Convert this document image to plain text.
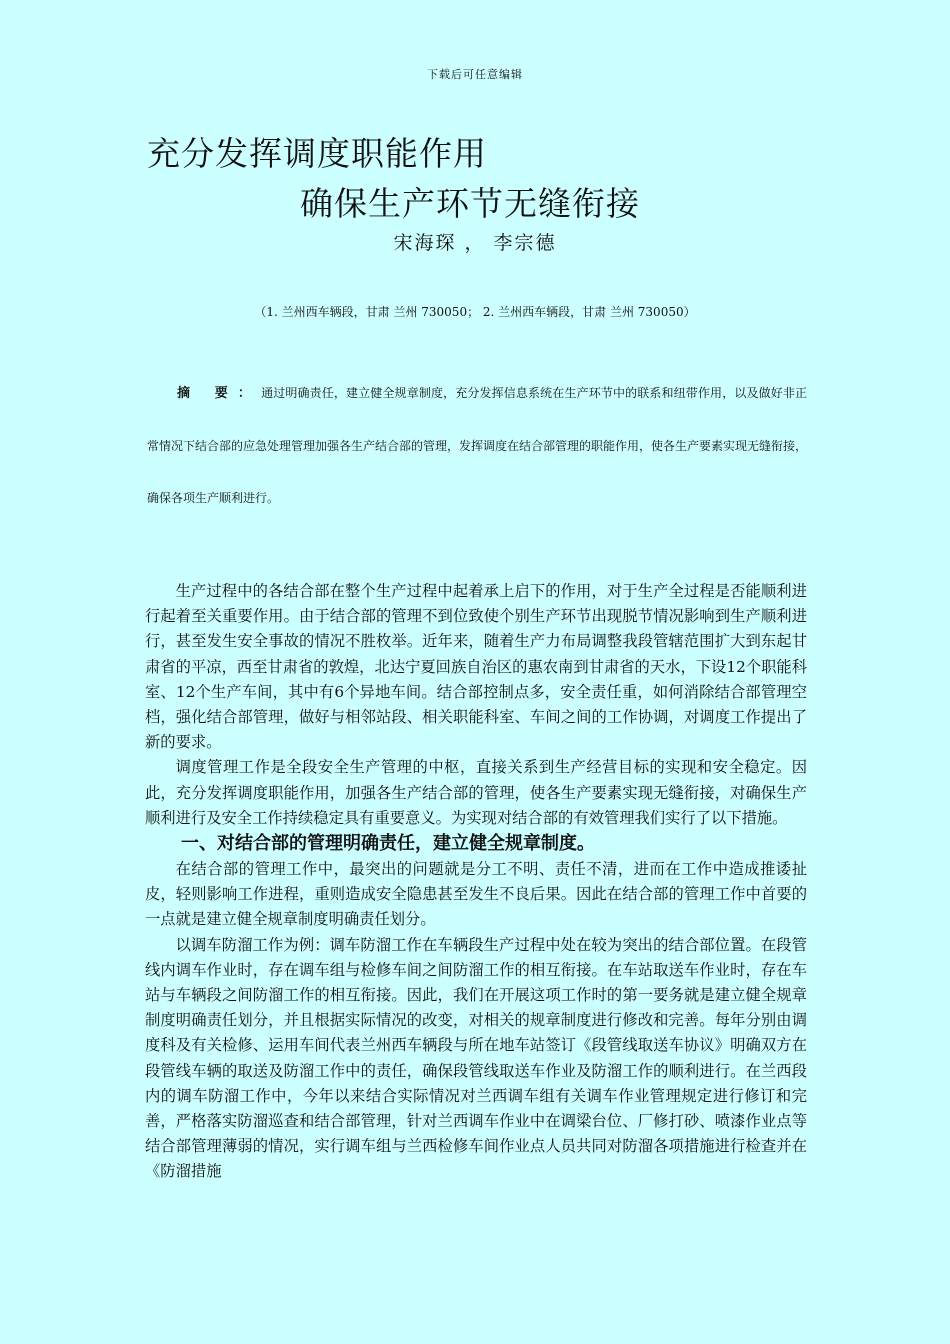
下载后可任意编辑
充分发挥调度职能作用
确保生产环节无缝衔接
宋海琛 ， 李宗德
（1. 兰州西车辆段，甘肃 兰州 730050； 2. 兰州西车辆段，甘肃 兰州 730050）
摘 要：通过明确责任，建立健全规章制度，充分发挥信息系统在生产环节中的联系和纽带作用，以及做好非正常情况下结合部的应急处理管理加强各生产结合部的管理，发挥调度在结合部管理的职能作用，使各生产要素实现无缝衔接，确保各项生产顺利进行。

生产过程中的各结合部在整个生产过程中起着承上启下的作用，对于生产全过程是否能顺利进行起着至关重要作用。由于结合部的管理不到位致使个别生产环节出现脱节情况影响到生产顺利进行，甚至发生安全事故的情况不胜枚举。近年来，随着生产力布局调整我段管辖范围扩大到东起甘肃省的平凉，西至甘肃省的敦煌，北达宁夏回族自治区的惠农南到甘肃省的天水，下设12个职能科室、12个生产车间，其中有6个异地车间。结合部控制点多，安全责任重，如何消除结合部管理空档，强化结合部管理，做好与相邻站段、相关职能科室、车间之间的工作协调，对调度工作提出了新的要求。

调度管理工作是全段安全生产管理的中枢，直接关系到生产经营目标的实现和安全稳定。因此，充分发挥调度职能作用，加强各生产结合部的管理，使各生产要素实现无缝衔接，对确保生产顺利进行及安全工作持续稳定具有重要意义。为实现对结合部的有效管理我们实行了以下措施。

一、对结合部的管理明确责任，建立健全规章制度。

在结合部的管理工作中，最突出的问题就是分工不明、责任不清，进而在工作中造成推诿扯皮，轻则影响工作进程，重则造成安全隐患甚至发生不良后果。因此在结合部的管理工作中首要的一点就是建立健全规章制度明确责任划分。

以调车防溜工作为例：调车防溜工作在车辆段生产过程中处在较为突出的结合部位置。在段管线内调车作业时，存在调车组与检修车间之间防溜工作的相互衔接。在车站取送车作业时，存在车站与车辆段之间防溜工作的相互衔接。因此，我们在开展这项工作时的第一要务就是建立健全规章制度明确责任划分，并且根据实际情况的改变，对相关的规章制度进行修改和完善。每年分别由调度科及有关检修、运用车间代表兰州西车辆段与所在地车站签订《段管线取送车协议》明确双方在段管线车辆的取送及防溜工作中的责任，确保段管线取送车作业及防溜工作的顺利进行。在兰西段内的调车防溜工作中，今年以来结合实际情况对兰西调车组有关调车作业管理规定进行修订和完善，严格落实防溜巡查和结合部管理，针对兰西调车作业中在调梁台位、厂修打砂、喷漆作业点等结合部管理薄弱的情况，实行调车组与兰西检修车间作业点人员共同对防溜各项措施进行检查并在《防溜措施
